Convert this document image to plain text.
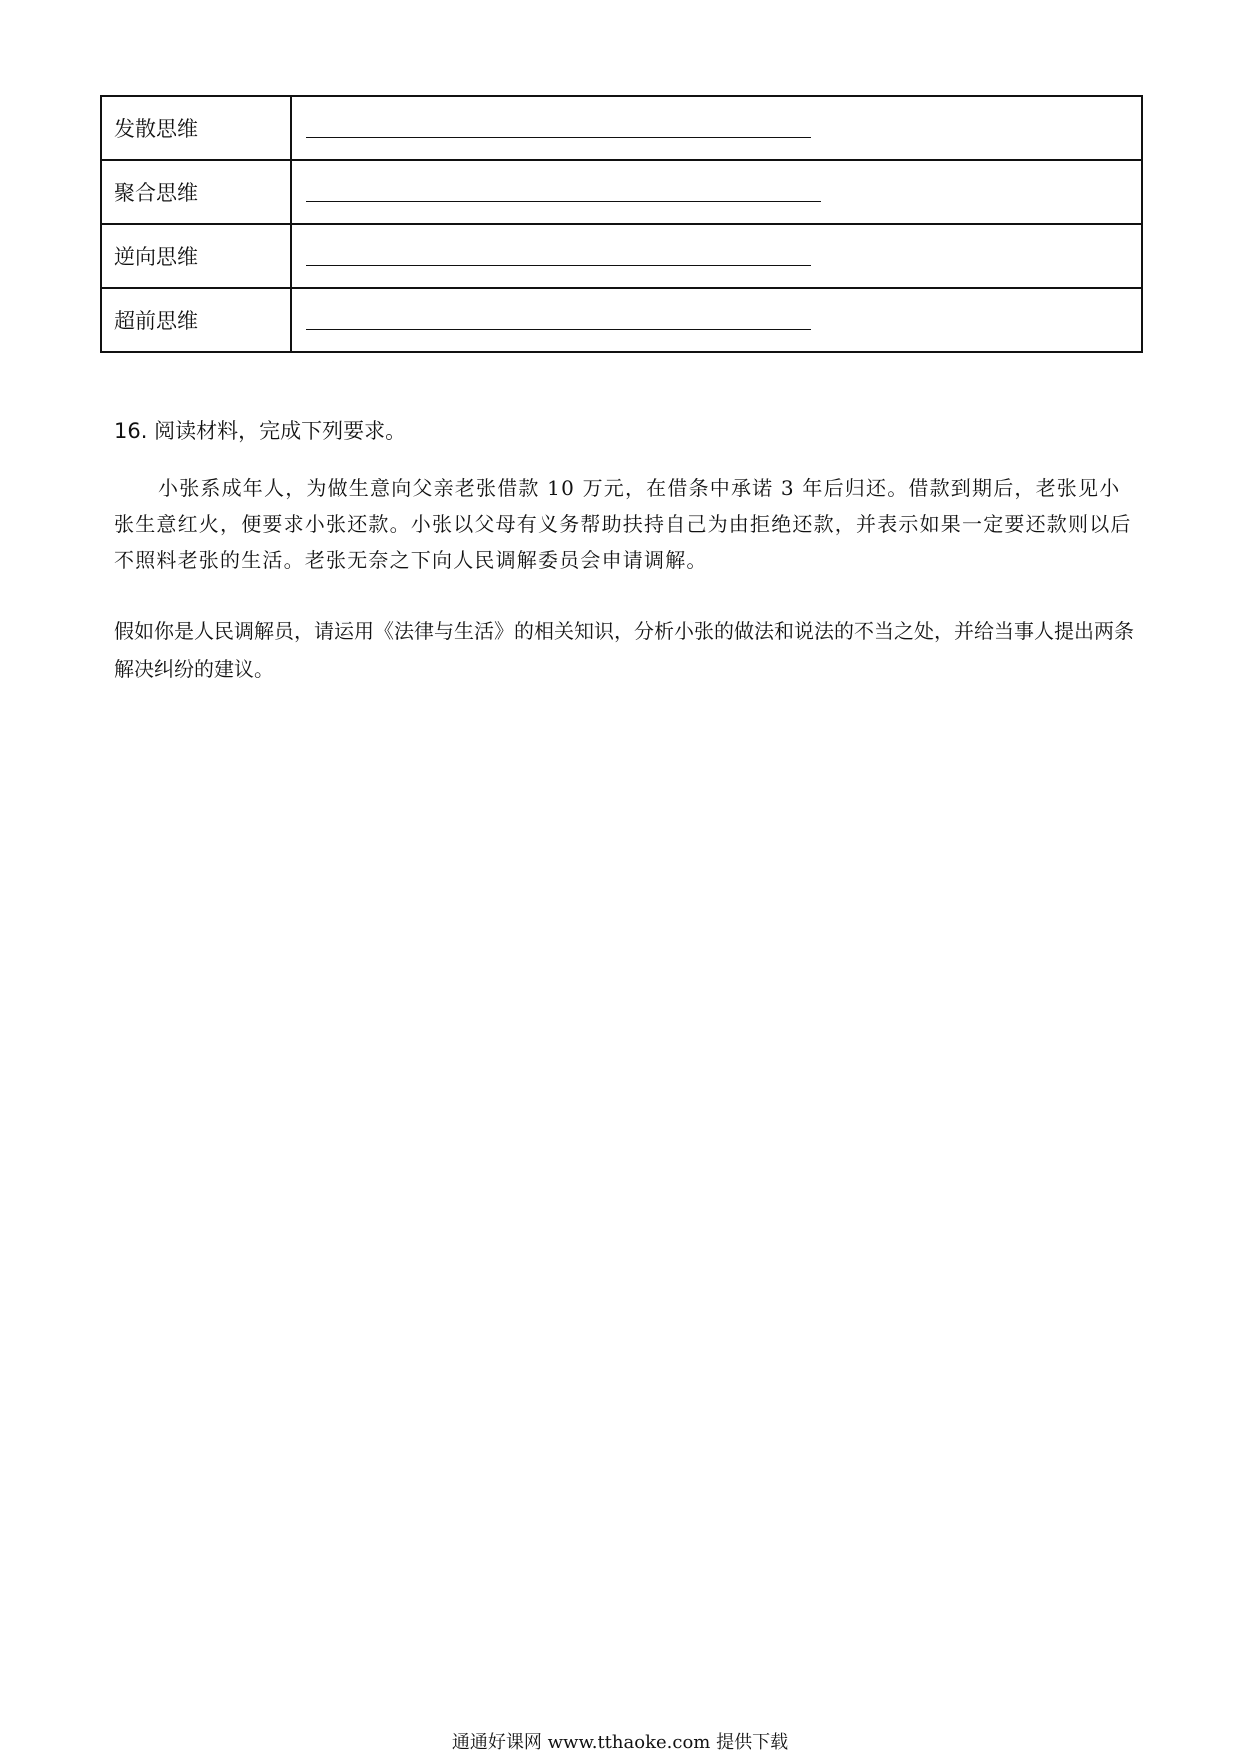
发散思维	

聚合思维	

逆向思维	

超前思维	

16. 阅读材料，完成下列要求。

小张系成年人，为做生意向父亲老张借款 10 万元，在借条中承诺 3 年后归还。借款到期后，老张见小张生意红火，便要求小张还款。小张以父母有义务帮助扶持自己为由拒绝还款，并表示如果一定要还款则以后不照料老张的生活。老张无奈之下向人民调解委员会申请调解。

假如你是人民调解员，请运用《法律与生活》的相关知识，分析小张的做法和说法的不当之处，并给当事人提出两条解决纠纷的建议。

通通好课网 www.tthaoke.com 提供下载
